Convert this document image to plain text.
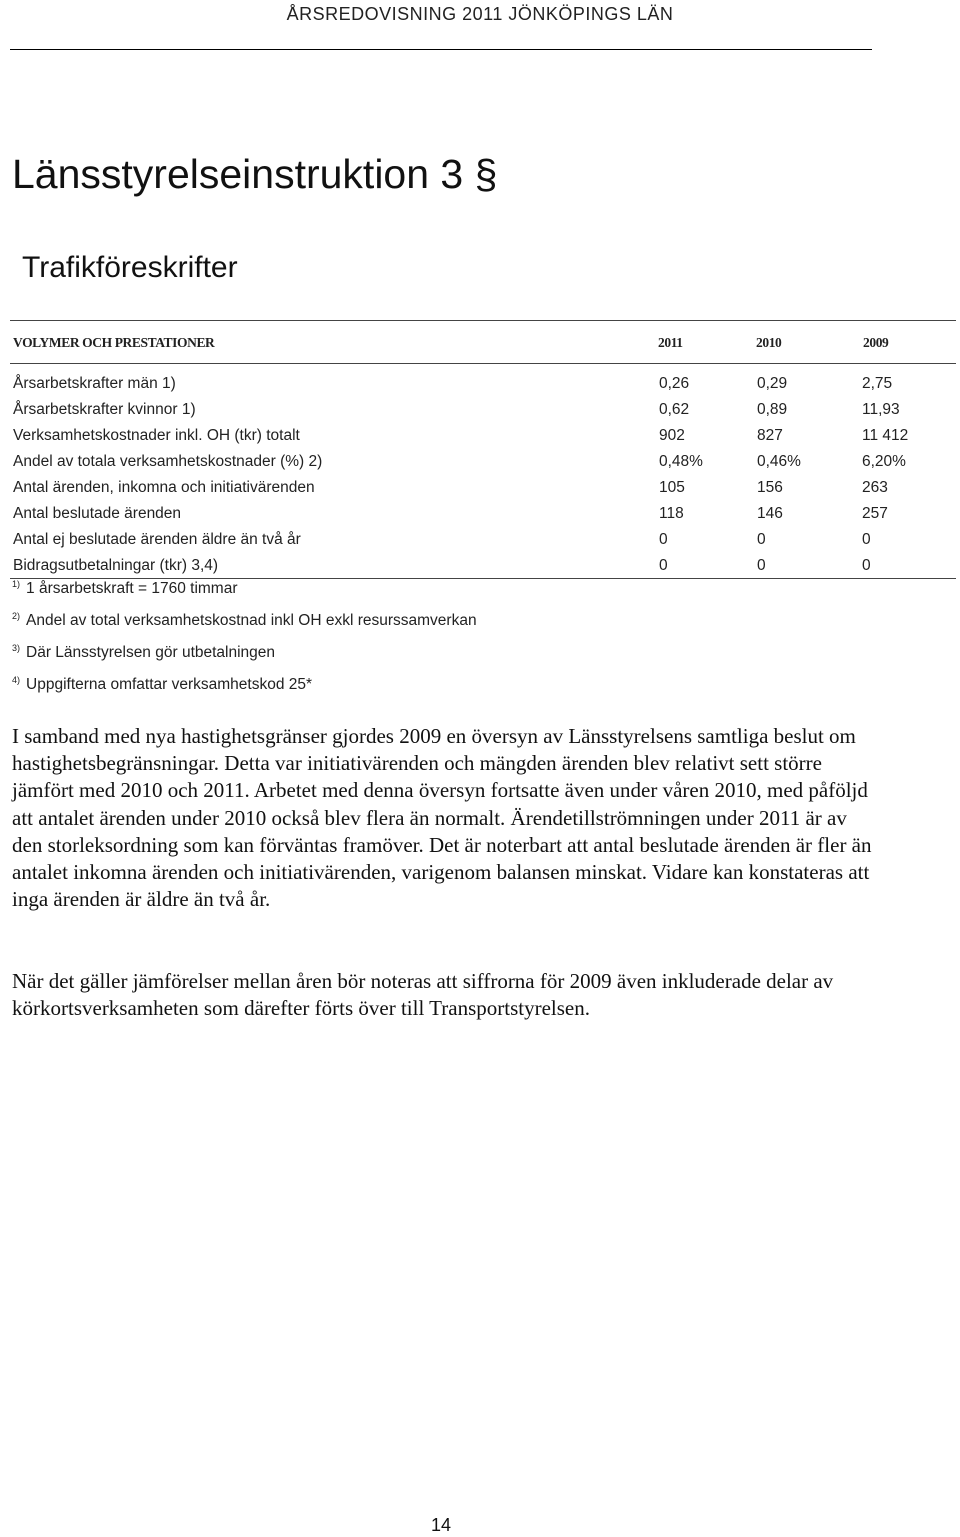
ÅRSREDOVISNING 2011 JÖNKÖPINGS LÄN
Länsstyrelseinstruktion 3 §
Trafikföreskrifter
VOLYMER OCH PRESTATIONER	2011	2010	2009
Årsarbetskrafter män 1)	0,26	0,29	2,75
Årsarbetskrafter kvinnor 1)	0,62	0,89	11,93
Verksamhetskostnader inkl. OH (tkr) totalt	902	827	11 412
Andel av totala verksamhetskostnader (%) 2)	0,48%	0,46%	6,20%
Antal ärenden, inkomna och initiativärenden	105	156	263
Antal beslutade ärenden	118	146	257
Antal ej beslutade ärenden äldre än två år	0	0	0
Bidragsutbetalningar (tkr) 3,4)	0	0	0
$^{1)}$ 1 årsarbetskraft = 1760 timmar
$^{2)}$ Andel av total verksamhetskostnad inkl OH exkl resurssamverkan
$^{3)}$ Där Länsstyrelsen gör utbetalningen
$^{4)}$ Uppgifterna omfattar verksamhetskod 25*

I samband med nya hastighetsgränser gjordes 2009 en översyn av Länsstyrelsens samtliga beslut om hastighetsbegränsningar. Detta var initiativärenden och mängden ärenden blev relativt sett större jämfört med 2010 och 2011. Arbetet med denna översyn fortsatte även under våren 2010, med påföljd att antalet ärenden under 2010 också blev flera än normalt. Ärendetillströmningen under 2011 är av den storleksordning som kan förväntas framöver. Det är noterbart att antal beslutade ärenden är fler än antalet inkomna ärenden och initiativärenden, varigenom balansen minskat. Vidare kan konstateras att inga ärenden är äldre än två år.

När det gäller jämförelser mellan åren bör noteras att siffrorna för 2009 även inkluderade delar av körkortsverksamheten som därefter förts över till Transportstyrelsen.

14
